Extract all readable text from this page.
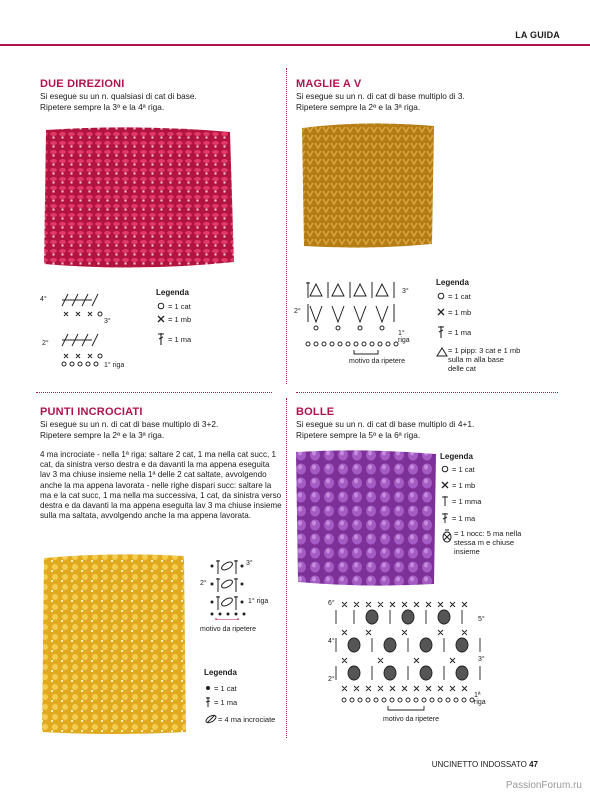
LA GUIDA
DUE DIREZIONI
Si esegue su un n. qualsiasi di cat di base.
Ripetere sempre la 3ª e la 4ª riga.
4°
3°
2°
1° riga
Legenda
= 1 cat
= 1 mb
= 1 ma
MAGLIE A V
Si esegue su un n. di cat di base multiplo di 3.
Ripetere sempre la 2ª e la 3ª riga.
3°
2°
1° riga
motivo da ripetere
Legenda
= 1 cat
= 1 mb
= 1 ma
= 1 pipp: 3 cat e 1 mb
sulla m alla base
delle cat
PUNTI INCROCIATI
Si esegue su un n. di cat di base multiplo di 3+2.
Ripetere sempre la 2ª e la 3ª riga.
4 ma incrociate - nella 1ª riga: saltare 2 cat, 1 ma nella cat succ, 1 cat, da sinistra verso destra e da davanti la ma appena eseguita lav 3 ma chiuse insieme nella 1ª delle 2 cat saltate, avvolgendo anche la ma appena lavorata - nelle righe dispari succ: saltare la ma e la cat succ, 1 ma nella ma successiva, 1 cat, da sinistra verso destra e da davanti la ma appena eseguita lav 3 ma chiuse insieme sulla ma saltata, avvolgendo anche la ma appena lavorata.
3°
2°
1° riga
motivo da ripetere
Legenda
= 1 cat
= 1 ma
= 4 ma incrociate
BOLLE
Si esegue su un n. di cat di base multiplo di 4+1.
Ripetere sempre la 5ª e la 6ª riga.
Legenda
= 1 cat
= 1 mb
= 1 mma
= 1 ma
= 1 nocc: 5 ma nella
stessa m e chiuse
insieme
6°
5°
4°
3°
2°
1ª riga
motivo da ripetere
UNCINETTO INDOSSATO 47
PassionForum.ru
